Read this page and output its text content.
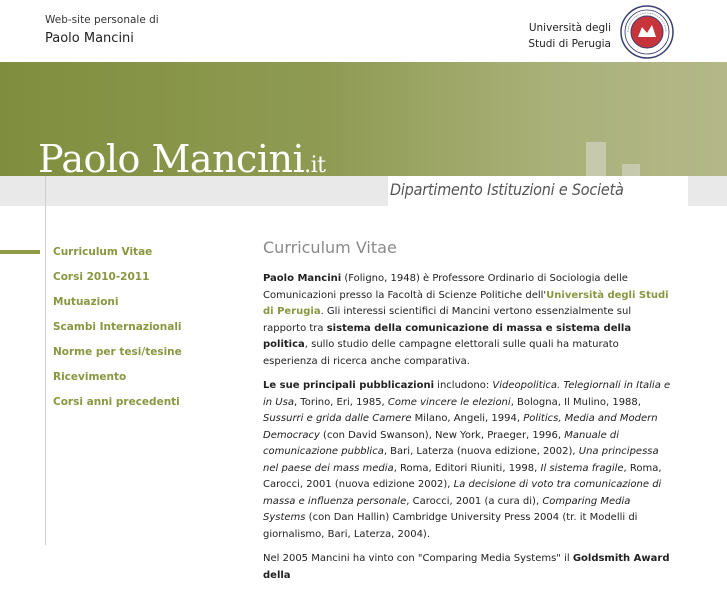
Web-site personale di
Paolo Mancini
Università degli
Studi di Perugia
Paolo Mancini.it
Dipartimento Istituzioni e Società
Curriculum Vitae
Corsi 2010-2011
Mutuazioni
Scambi Internazionali
Norme per tesi/tesine
Ricevimento
Corsi anni precedenti
Curriculum Vitae

Paolo Mancini (Foligno, 1948) è Professore Ordinario di Sociologia delle Comunicazioni presso la Facoltà di Scienze Politiche dell'Università degli Studi di Perugia. Gli interessi scientifici di Mancini vertono essenzialmente sul rapporto tra sistema della comunicazione di massa e sistema della politica, sullo studio delle campagne elettorali sulle quali ha maturato esperienza di ricerca anche comparativa.

Le sue principali pubblicazioni includono: Videopolitica. Telegiornali in Italia e in Usa, Torino, Eri, 1985, Come vincere le elezioni, Bologna, Il Mulino, 1988, Sussurri e grida dalle Camere Milano, Angeli, 1994, Politics, Media and Modern Democracy (con David Swanson), New York, Praeger, 1996, Manuale di comunicazione pubblica, Bari, Laterza (nuova edizione, 2002), Una principessa nel paese dei mass media, Roma, Editori Riuniti, 1998, Il sistema fragile, Roma, Carocci, 2001 (nuova edizione 2002), La decisione di voto tra comunicazione di massa e influenza personale, Carocci, 2001 (a cura di), Comparing Media Systems (con Dan Hallin) Cambridge University Press 2004 (tr. it Modelli di giornalismo, Bari, Laterza, 2004).

Nel 2005 Mancini ha vinto con "Comparing Media Systems" il Goldsmith Award della
